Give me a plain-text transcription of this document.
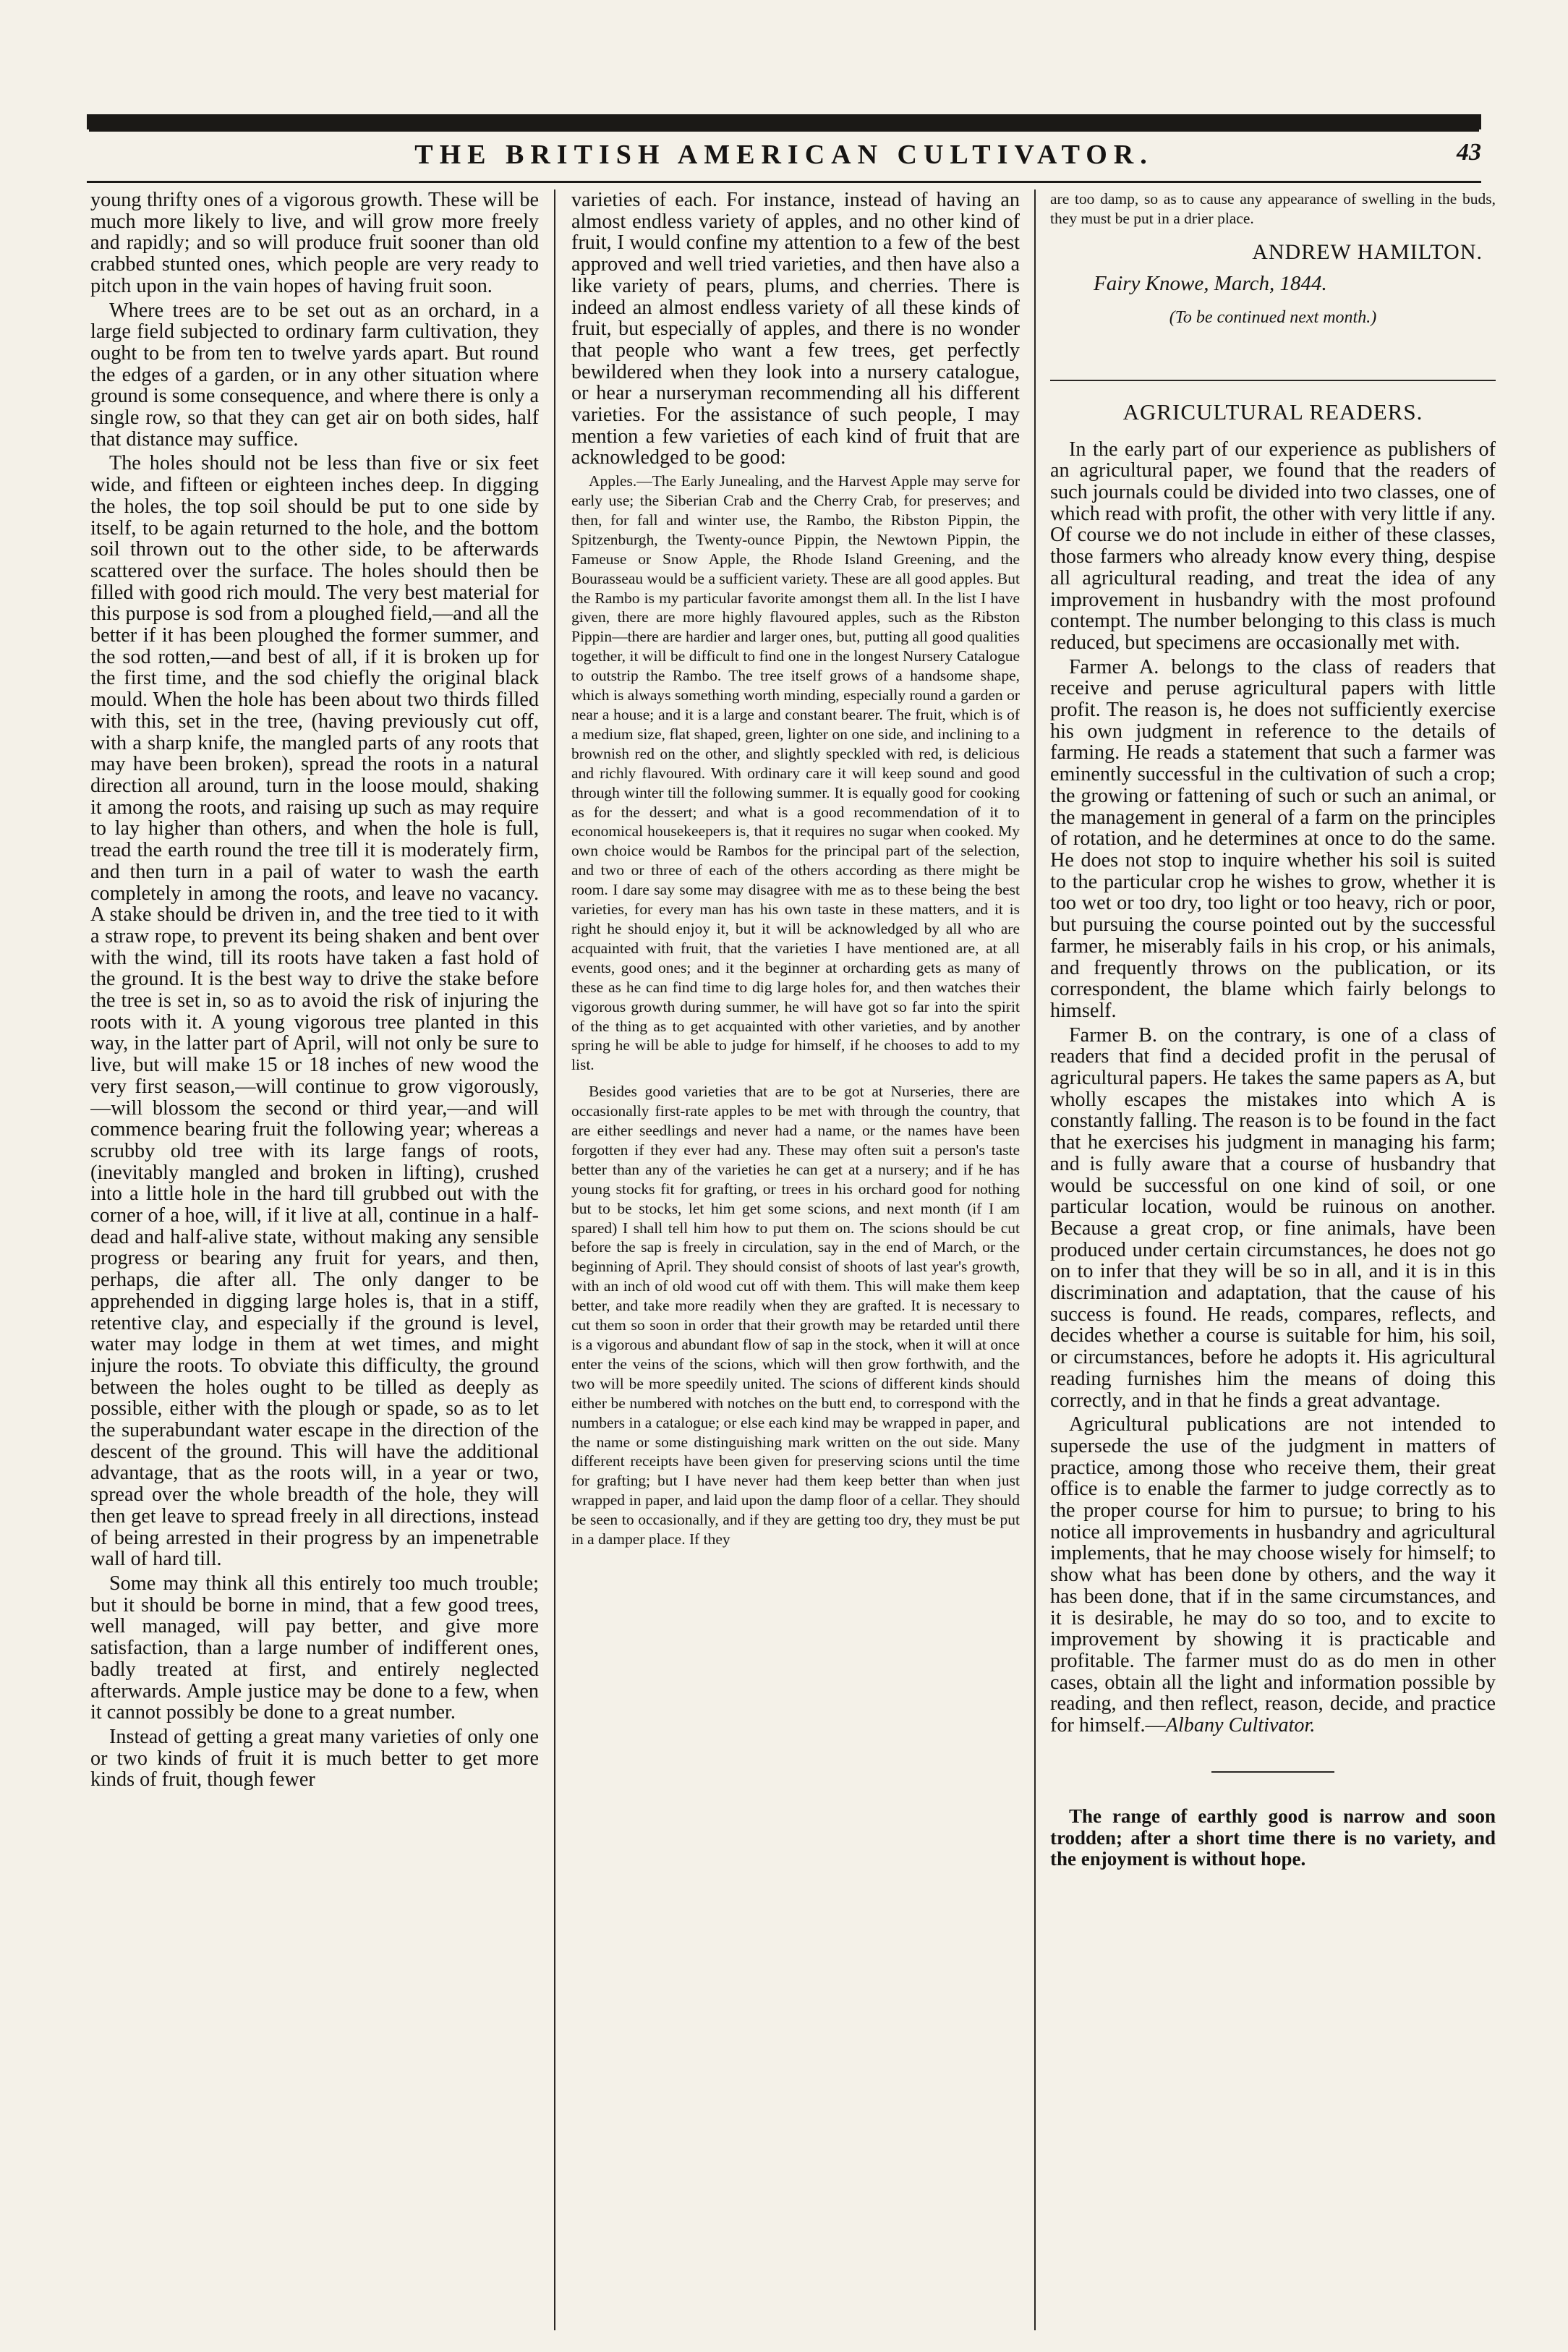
THE BRITISH AMERICAN CULTIVATOR.	43

young thrifty ones of a vigorous growth. These will be much more likely to live, and will grow more freely and rapidly; and so will produce fruit sooner than old crabbed stunted ones, which people are very ready to pitch upon in the vain hopes of having fruit soon.

Where trees are to be set out as an orchard, in a large field subjected to ordinary farm cultivation, they ought to be from ten to twelve yards apart. But round the edges of a garden, or in any other situation where ground is some consequence, and where there is only a single row, so that they can get air on both sides, half that distance may suffice.

The holes should not be less than five or six feet wide, and fifteen or eighteen inches deep. In digging the holes, the top soil should be put to one side by itself, to be again returned to the hole, and the bottom soil thrown out to the other side, to be afterwards scattered over the surface. The holes should then be filled with good rich mould. The very best material for this purpose is sod from a ploughed field,—and all the better if it has been ploughed the former summer, and the sod rotten,—and best of all, if it is broken up for the first time, and the sod chiefly the original black mould. When the hole has been about two thirds filled with this, set in the tree, (having previously cut off, with a sharp knife, the mangled parts of any roots that may have been broken), spread the roots in a natural direction all around, turn in the loose mould, shaking it among the roots, and raising up such as may require to lay higher than others, and when the hole is full, tread the earth round the tree till it is moderately firm, and then turn in a pail of water to wash the earth completely in among the roots, and leave no vacancy. A stake should be driven in, and the tree tied to it with a straw rope, to prevent its being shaken and bent over with the wind, till its roots have taken a fast hold of the ground. It is the best way to drive the stake before the tree is set in, so as to avoid the risk of injuring the roots with it. A young vigorous tree planted in this way, in the latter part of April, will not only be sure to live, but will make 15 or 18 inches of new wood the very first season,—will continue to grow vigorously,—will blossom the second or third year,—and will commence bearing fruit the following year; whereas a scrubby old tree with its large fangs of roots, (inevitably mangled and broken in lifting), crushed into a little hole in the hard till grubbed out with the corner of a hoe, will, if it live at all, continue in a half-dead and half-alive state, without making any sensible progress or bearing any fruit for years, and then, perhaps, die after all. The only danger to be apprehended in digging large holes is, that in a stiff, retentive clay, and especially if the ground is level, water may lodge in them at wet times, and might injure the roots. To obviate this difficulty, the ground between the holes ought to be tilled as deeply as possible, either with the plough or spade, so as to let the superabundant water escape in the direction of the descent of the ground. This will have the additional advantage, that as the roots will, in a year or two, spread over the whole breadth of the hole, they will then get leave to spread freely in all directions, instead of being arrested in their progress by an impenetrable wall of hard till.

Some may think all this entirely too much trouble; but it should be borne in mind, that a few good trees, well managed, will pay better, and give more satisfaction, than a large number of indifferent ones, badly treated at first, and entirely neglected afterwards. Ample justice may be done to a few, when it cannot possibly be done to a great number.

Instead of getting a great many varieties of only one or two kinds of fruit it is much better to get more kinds of fruit, though fewer

varieties of each. For instance, instead of having an almost endless variety of apples, and no other kind of fruit, I would confine my attention to a few of the best approved and well tried varieties, and then have also a like variety of pears, plums, and cherries. There is indeed an almost endless variety of all these kinds of fruit, but especially of apples, and there is no wonder that people who want a few trees, get perfectly bewildered when they look into a nursery catalogue, or hear a nurseryman recommending all his different varieties. For the assistance of such people, I may mention a few varieties of each kind of fruit that are acknowledged to be good:

Apples.—The Early Junealing, and the Harvest Apple may serve for early use; the Siberian Crab and the Cherry Crab, for preserves; and then, for fall and winter use, the Rambo, the Ribston Pippin, the Spitzenburgh, the Twenty-ounce Pippin, the Newtown Pippin, the Fameuse or Snow Apple, the Rhode Island Greening, and the Bourasseau would be a sufficient variety. These are all good apples. But the Rambo is my particular favorite amongst them all. In the list I have given, there are more highly flavoured apples, such as the Ribston Pippin—there are hardier and larger ones, but, putting all good qualities together, it will be difficult to find one in the longest Nursery Catalogue to outstrip the Rambo. The tree itself grows of a handsome shape, which is always something worth minding, especially round a garden or near a house; and it is a large and constant bearer. The fruit, which is of a medium size, flat shaped, green, lighter on one side, and inclining to a brownish red on the other, and slightly speckled with red, is delicious and richly flavoured. With ordinary care it will keep sound and good through winter till the following summer. It is equally good for cooking as for the dessert; and what is a good recommendation of it to economical housekeepers is, that it requires no sugar when cooked. My own choice would be Rambos for the principal part of the selection, and two or three of each of the others according as there might be room. I dare say some may disagree with me as to these being the best varieties, for every man has his own taste in these matters, and it is right he should enjoy it, but it will be acknowledged by all who are acquainted with fruit, that the varieties I have mentioned are, at all events, good ones; and it the beginner at orcharding gets as many of these as he can find time to dig large holes for, and then watches their vigorous growth during summer, he will have got so far into the spirit of the thing as to get acquainted with other varieties, and by another spring he will be able to judge for himself, if he chooses to add to my list.

Besides good varieties that are to be got at Nurseries, there are occasionally first-rate apples to be met with through the country, that are either seedlings and never had a name, or the names have been forgotten if they ever had any. These may often suit a person's taste better than any of the varieties he can get at a nursery; and if he has young stocks fit for grafting, or trees in his orchard good for nothing but to be stocks, let him get some scions, and next month (if I am spared) I shall tell him how to put them on. The scions should be cut before the sap is freely in circulation, say in the end of March, or the beginning of April. They should consist of shoots of last year's growth, with an inch of old wood cut off with them. This will make them keep better, and take more readily when they are grafted. It is necessary to cut them so soon in order that their growth may be retarded until there is a vigorous and abundant flow of sap in the stock, when it will at once enter the veins of the scions, which will then grow forthwith, and the two will be more speedily united. The scions of different kinds should either be numbered with notches on the butt end, to correspond with the numbers in a catalogue; or else each kind may be wrapped in paper, and the name or some distinguishing mark written on the out side. Many different receipts have been given for preserving scions until the time for grafting; but I have never had them keep better than when just wrapped in paper, and laid upon the damp floor of a cellar. They should be seen to occasionally, and if they are getting too dry, they must be put in a damper place. If they

are too damp, so as to cause any appearance of swelling in the buds, they must be put in a drier place.

ANDREW HAMILTON.
Fairy Knowe, March, 1844.
(To be continued next month.)
AGRICULTURAL READERS.

In the early part of our experience as publishers of an agricultural paper, we found that the readers of such journals could be divided into two classes, one of which read with profit, the other with very little if any. Of course we do not include in either of these classes, those farmers who already know every thing, despise all agricultural reading, and treat the idea of any improvement in husbandry with the most profound contempt. The number belonging to this class is much reduced, but specimens are occasionally met with.

Farmer A. belongs to the class of readers that receive and peruse agricultural papers with little profit. The reason is, he does not sufficiently exercise his own judgment in reference to the details of farming. He reads a statement that such a farmer was eminently successful in the cultivation of such a crop; the growing or fattening of such or such an animal, or the management in general of a farm on the principles of rotation, and he determines at once to do the same. He does not stop to inquire whether his soil is suited to the particular crop he wishes to grow, whether it is too wet or too dry, too light or too heavy, rich or poor, but pursuing the course pointed out by the successful farmer, he miserably fails in his crop, or his animals, and frequently throws on the publication, or its correspondent, the blame which fairly belongs to himself.

Farmer B. on the contrary, is one of a class of readers that find a decided profit in the perusal of agricultural papers. He takes the same papers as A, but wholly escapes the mistakes into which A is constantly falling. The reason is to be found in the fact that he exercises his judgment in managing his farm; and is fully aware that a course of husbandry that would be successful on one kind of soil, or one particular location, would be ruinous on another. Because a great crop, or fine animals, have been produced under certain circumstances, he does not go on to infer that they will be so in all, and it is in this discrimination and adaptation, that the cause of his success is found. He reads, compares, reflects, and decides whether a course is suitable for him, his soil, or circumstances, before he adopts it. His agricultural reading furnishes him the means of doing this correctly, and in that he finds a great advantage.

Agricultural publications are not intended to supersede the use of the judgment in matters of practice, among those who receive them, their great office is to enable the farmer to judge correctly as to the proper course for him to pursue; to bring to his notice all improvements in husbandry and agricultural implements, that he may choose wisely for himself; to show what has been done by others, and the way it has been done, that if in the same circumstances, and it is desirable, he may do so too, and to excite to improvement by showing it is practicable and profitable. The farmer must do as do men in other cases, obtain all the light and information possible by reading, and then reflect, reason, decide, and practice for himself.—Albany Cultivator.

The range of earthly good is narrow and soon trodden; after a short time there is no variety, and the enjoyment is without hope.
